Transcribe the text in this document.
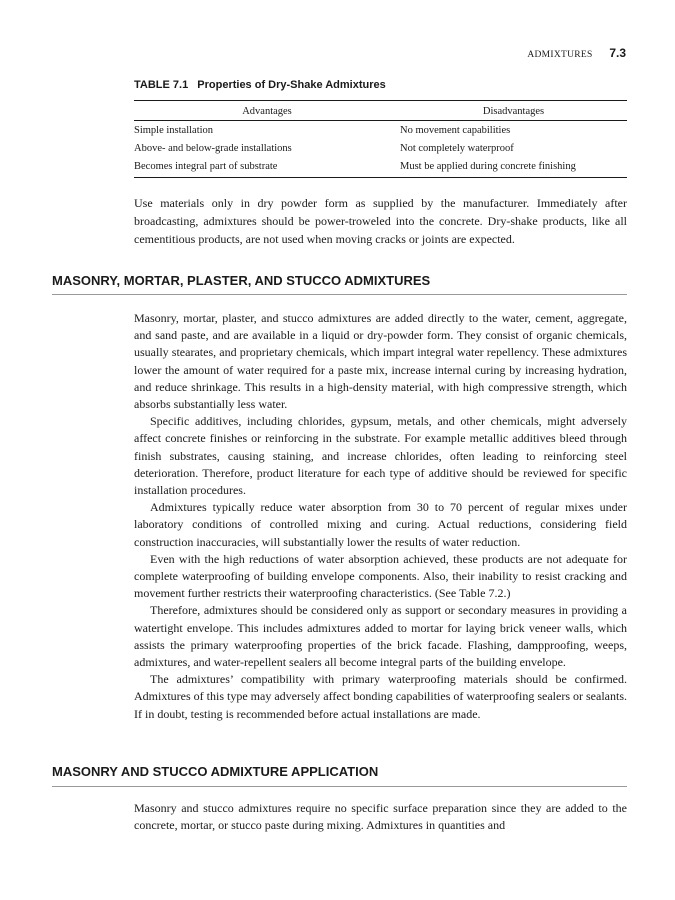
ADMIXTURES 7.3
TABLE 7.1 Properties of Dry-Shake Admixtures
Advantages	Disadvantages
Simple installation	No movement capabilities
Above- and below-grade installations	Not completely waterproof
Becomes integral part of substrate	Must be applied during concrete finishing

Use materials only in dry powder form as supplied by the manufacturer. Immediately after broadcasting, admixtures should be power-troweled into the concrete. Dry-shake products, like all cementitious products, are not used when moving cracks or joints are expected.

MASONRY, MORTAR, PLASTER, AND STUCCO ADMIXTURES

Masonry, mortar, plaster, and stucco admixtures are added directly to the water, cement, aggregate, and sand paste, and are available in a liquid or dry-powder form. They consist of organic chemicals, usually stearates, and proprietary chemicals, which impart integral water repellency. These admixtures lower the amount of water required for a paste mix, increase internal curing by increasing hydration, and reduce shrinkage. This results in a high-density material, with high compressive strength, which absorbs substantially less water.

Specific additives, including chlorides, gypsum, metals, and other chemicals, might adversely affect concrete finishes or reinforcing in the substrate. For example metallic additives bleed through finish substrates, causing staining, and increase chlorides, often leading to reinforcing steel deterioration. Therefore, product literature for each type of additive should be reviewed for specific installation procedures.

Admixtures typically reduce water absorption from 30 to 70 percent of regular mixes under laboratory conditions of controlled mixing and curing. Actual reductions, considering field construction inaccuracies, will substantially lower the results of water reduction.

Even with the high reductions of water absorption achieved, these products are not adequate for complete waterproofing of building envelope components. Also, their inability to resist cracking and movement further restricts their waterproofing characteristics. (See Table 7.2.)

Therefore, admixtures should be considered only as support or secondary measures in providing a watertight envelope. This includes admixtures added to mortar for laying brick veneer walls, which assists the primary waterproofing properties of the brick facade. Flashing, dampproofing, weeps, admixtures, and water-repellent sealers all become integral parts of the building envelope.

The admixtures’ compatibility with primary waterproofing materials should be confirmed. Admixtures of this type may adversely affect bonding capabilities of waterproofing sealers or sealants. If in doubt, testing is recommended before actual installations are made.

MASONRY AND STUCCO ADMIXTURE APPLICATION

Masonry and stucco admixtures require no specific surface preparation since they are added to the concrete, mortar, or stucco paste during mixing. Admixtures in quantities and
